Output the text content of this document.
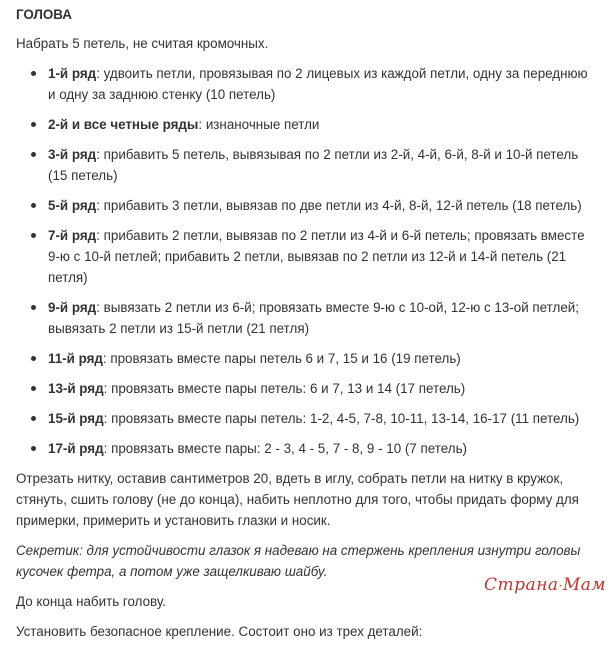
ГОЛОВА

Набрать 5 петель, не считая кромочных.

1-й ряд: удвоить петли, провязывая по 2 лицевых из каждой петли, одну за переднюю и одну за заднюю стенку (10 петель)
2-й и все четные ряды: изнаночные петли
3-й ряд: прибавить 5 петель, вывязывая по 2 петли из 2-й, 4-й, 6-й, 8-й и 10-й петель (15 петель)
5-й ряд: прибавить 3 петли, вывязав по две петли из 4-й, 8-й, 12-й петель (18 петель)
7-й ряд: прибавить 2 петли, вывязав по 2 петли из 4-й и 6-й петель; провязать вместе 9-ю с 10-й петлей; прибавить 2 петли, вывязав по 2 петли из 12-й и 14-й петель (21 петля)
9-й ряд: вывязать 2 петли из 6-й; провязать вместе 9-ю с 10-ой, 12-ю с 13-ой петлей; вывязать 2 петли из 15-й петли (21 петля)
11-й ряд: провязать вместе пары петель 6 и 7, 15 и 16 (19 петель)
13-й ряд: провязать вместе пары петель: 6 и 7, 13 и 14 (17 петель)
15-й ряд: провязать вместе пары петель: 1-2, 4-5, 7-8, 10-11, 13-14, 16-17 (11 петель)
17-й ряд: провязать вместе пары: 2 - 3, 4 - 5, 7 - 8, 9 - 10 (7 петель)

Отрезать нитку, оставив сантиметров 20, вдеть в иглу, собрать петли на нитку в кружок, стянуть, сшить голову (не до конца), набить неплотно для того, чтобы придать форму для примерки, примерить и установить глазки и носик.

Секретик: для устойчивости глазок я надеваю на стержень крепления изнутри головы кусочек фетра, а потом уже защелкиваю шайбу.

До конца набить голову.

Установить безопасное крепление. Состоит оно из трех деталей:

Страна·Мам
